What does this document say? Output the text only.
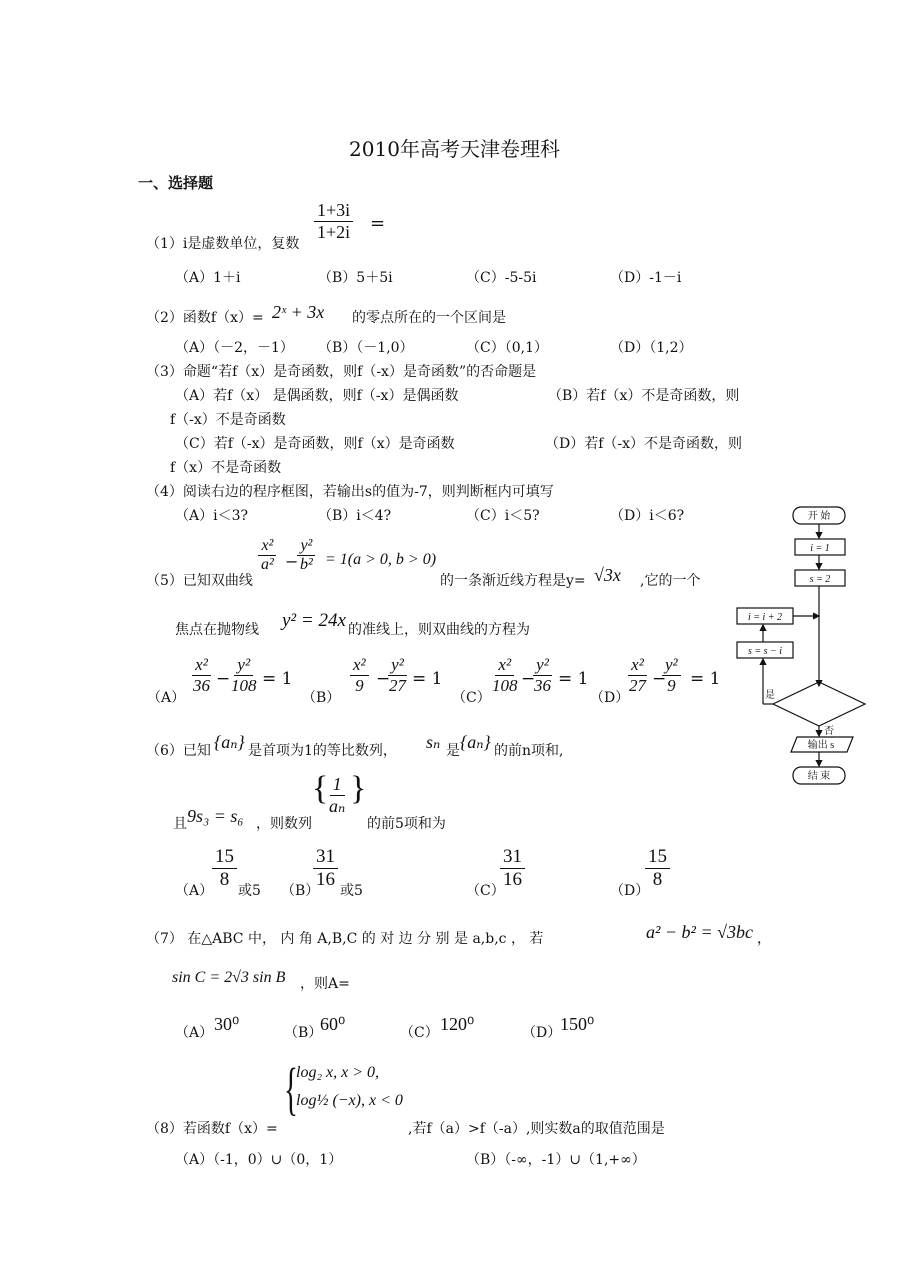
2010年高考天津卷理科
一、选择题
（1）i是虚数单位，复数
$\frac{1+3i}{1+2i}$ =
（A）1＋i	（B）5＋5i	（C）-5-5i	（D）-1－i
（2）函数f（x）= 2ˣ + 3x 的零点所在的一个区间是
（A）（－2，－1） （B）（－1,0）	（C）（0,1）	（D）（1,2）
（3）命题“若f（x）是奇函数，则f（-x）是奇函数”的否命题是
（A）若f（x） 是偶函数，则f（-x）是偶函数	（B）若f（x）不是奇函数，则
f（-x）不是奇函数
（C）若f（-x）是奇函数，则f（x）是奇函数	（D）若f（-x）不是奇函数，则
f（x）不是奇函数
（4）阅读右边的程序框图，若输出s的值为-7，则判断框内可填写
（A）i＜3?	（B）i＜4?	（C）i＜5?	（D）i＜6?
（5）已知双曲线
$\frac{\text{x²}}{\text{a²}}$ −
$\frac{\text{y²}}{\text{b²}} = 1(a > 0$, b > 0)
的一条渐近线方程是y= √3x ,它的一个
焦点在抛物线 y² = 24x 的准线上，则双曲线的方程为
（A）
$\frac{\text{x²}}{36}$ −
$\frac{\text{y²}}{108} = 1$
（B）
$\frac{\text{x²}}{9}$ −
$\frac{\text{y²}}{27} = 1$
（C）
$\frac{\text{x²}}{108}$ −
$\frac{\text{y²}}{36} = 1$
（D）
$\frac{\text{x²}}{27}$ −
$\frac{\text{y²}}{9} = 1$
（6）已知 {aₙ} 是首项为1的等比数列， sₙ 是 {aₙ} 的前n项和,
且 9s₃ = s₆ ，则数列
{
$\frac{1}{\text{aₙ}}$ }
的前5项和为
（A）
$\frac{15}{8}$
或5 （B）
$\frac{31}{16}$
或5	（C）
$\frac{31}{16}$
（D）
$\frac{15}{8}$
（7） 在△ABC 中， 内 角 A,B,C 的 对 边 分 别 是 a,b,c ， 若	a² − b² = √3bc ，
sin C = 2√3 sin B ，则A=
（A） 30⁰	（B）
60⁰	（C） 120⁰	（D）
150⁰
{
log₂ x, x > 0,
log½ (−x), x < 0
（8）若函数f（x）=	,若f（a）>f（-a）,则实数a的取值范围是
（A）（-1，0）∪（0，1）	（B）（-∞，-1）∪（1,+∞）
开 始
i = 1
s = 2
i = i + 2
s = s − i
是
否
输出 s
结 束
